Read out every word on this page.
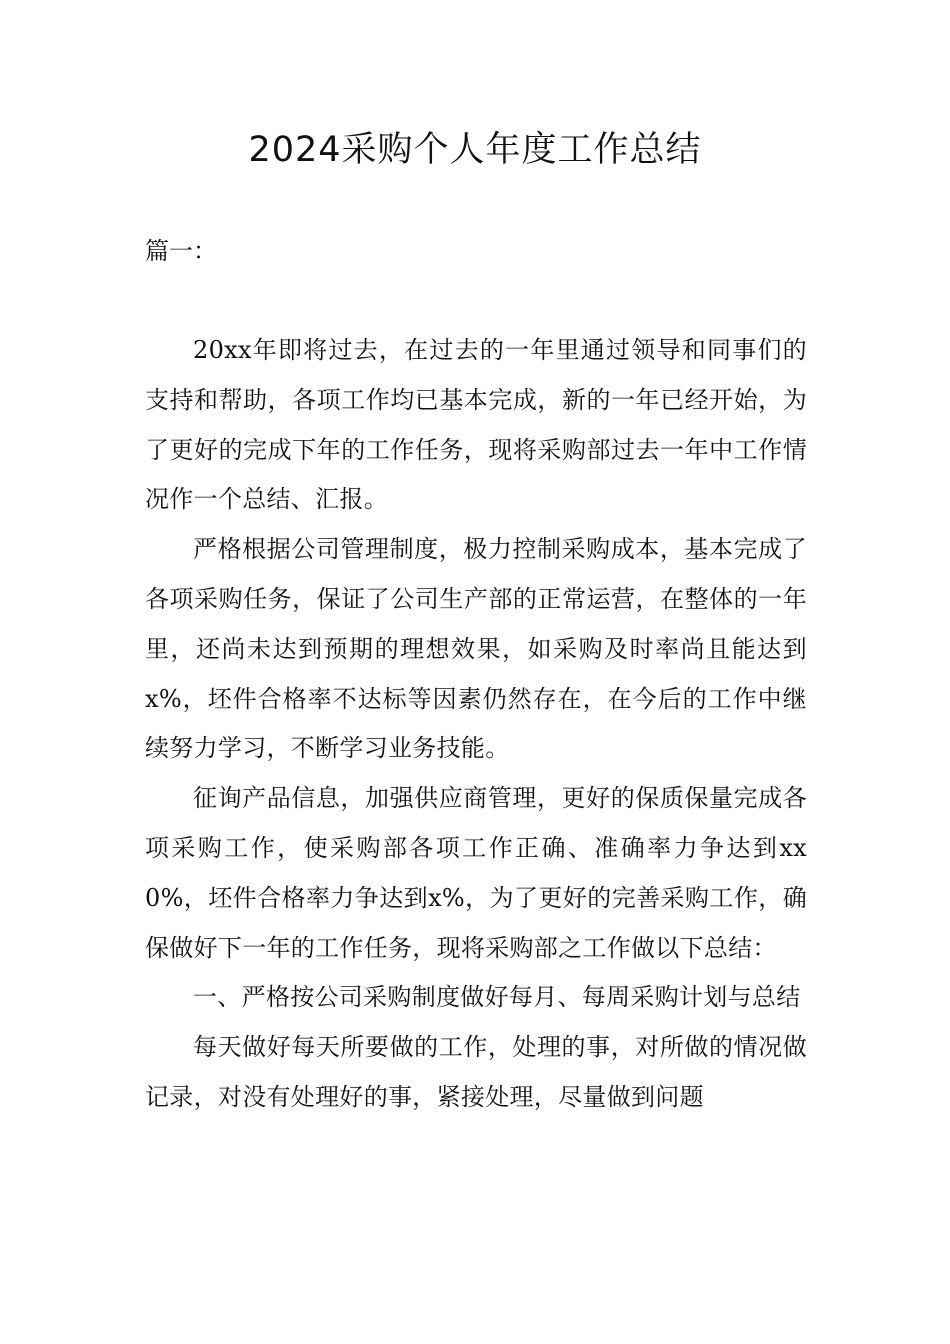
2024采购个人年度工作总结

篇一：

20xx年即将过去，在过去的一年里通过领导和同事们的支持和帮助，各项工作均已基本完成，新的一年已经开始，为了更好的完成下年的工作任务，现将采购部过去一年中工作情况作一个总结、汇报。

严格根据公司管理制度，极力控制采购成本，基本完成了各项采购任务，保证了公司生产部的正常运营，在整体的一年里，还尚未达到预期的理想效果，如采购及时率尚且能达到x%，坯件合格率不达标等因素仍然存在，在今后的工作中继续努力学习，不断学习业务技能。

征询产品信息，加强供应商管理，更好的保质保量完成各项采购工作，使采购部各项工作正确、准确率力争达到xx0%，坯件合格率力争达到x%，为了更好的完善采购工作，确保做好下一年的工作任务，现将采购部之工作做以下总结：

一、严格按公司采购制度做好每月、每周采购计划与总结

每天做好每天所要做的工作，处理的事，对所做的情况做记录，对没有处理好的事，紧接处理，尽量做到问题
